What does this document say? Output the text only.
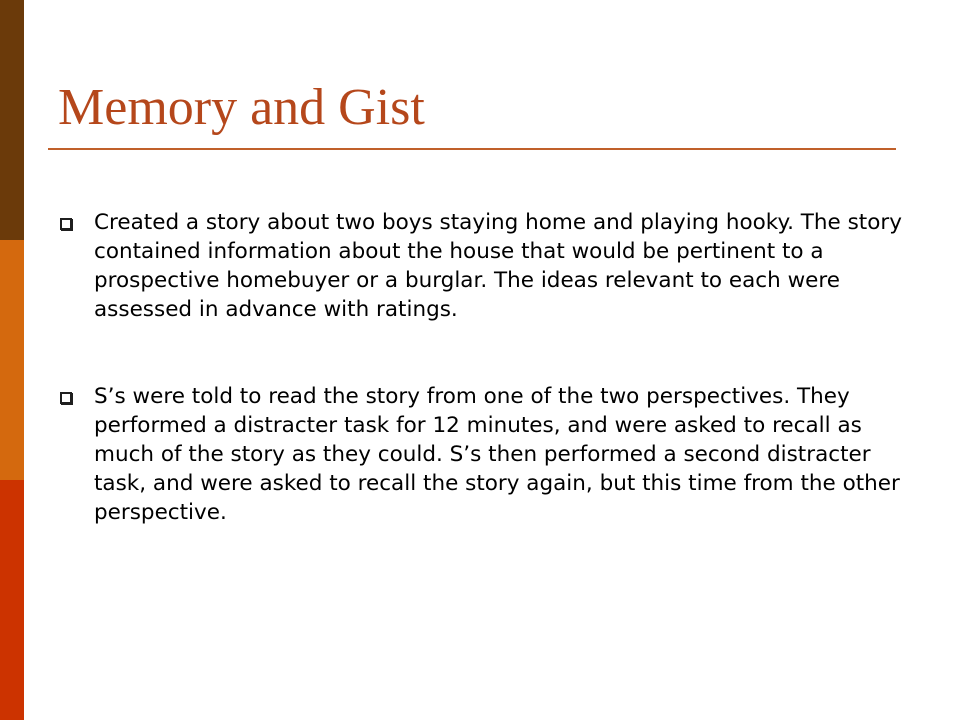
Memory and Gist
Created a story about two boys staying home and playing hooky. The story contained information about the house that would be pertinent to a prospective homebuyer or a burglar. The ideas relevant to each were assessed in advance with ratings.
S’s were told to read the story from one of the two perspectives. They performed a distracter task for 12 minutes, and were asked to recall as much of the story as they could. S’s then performed a second distracter task, and were asked to recall the story again, but this time from the other perspective.
